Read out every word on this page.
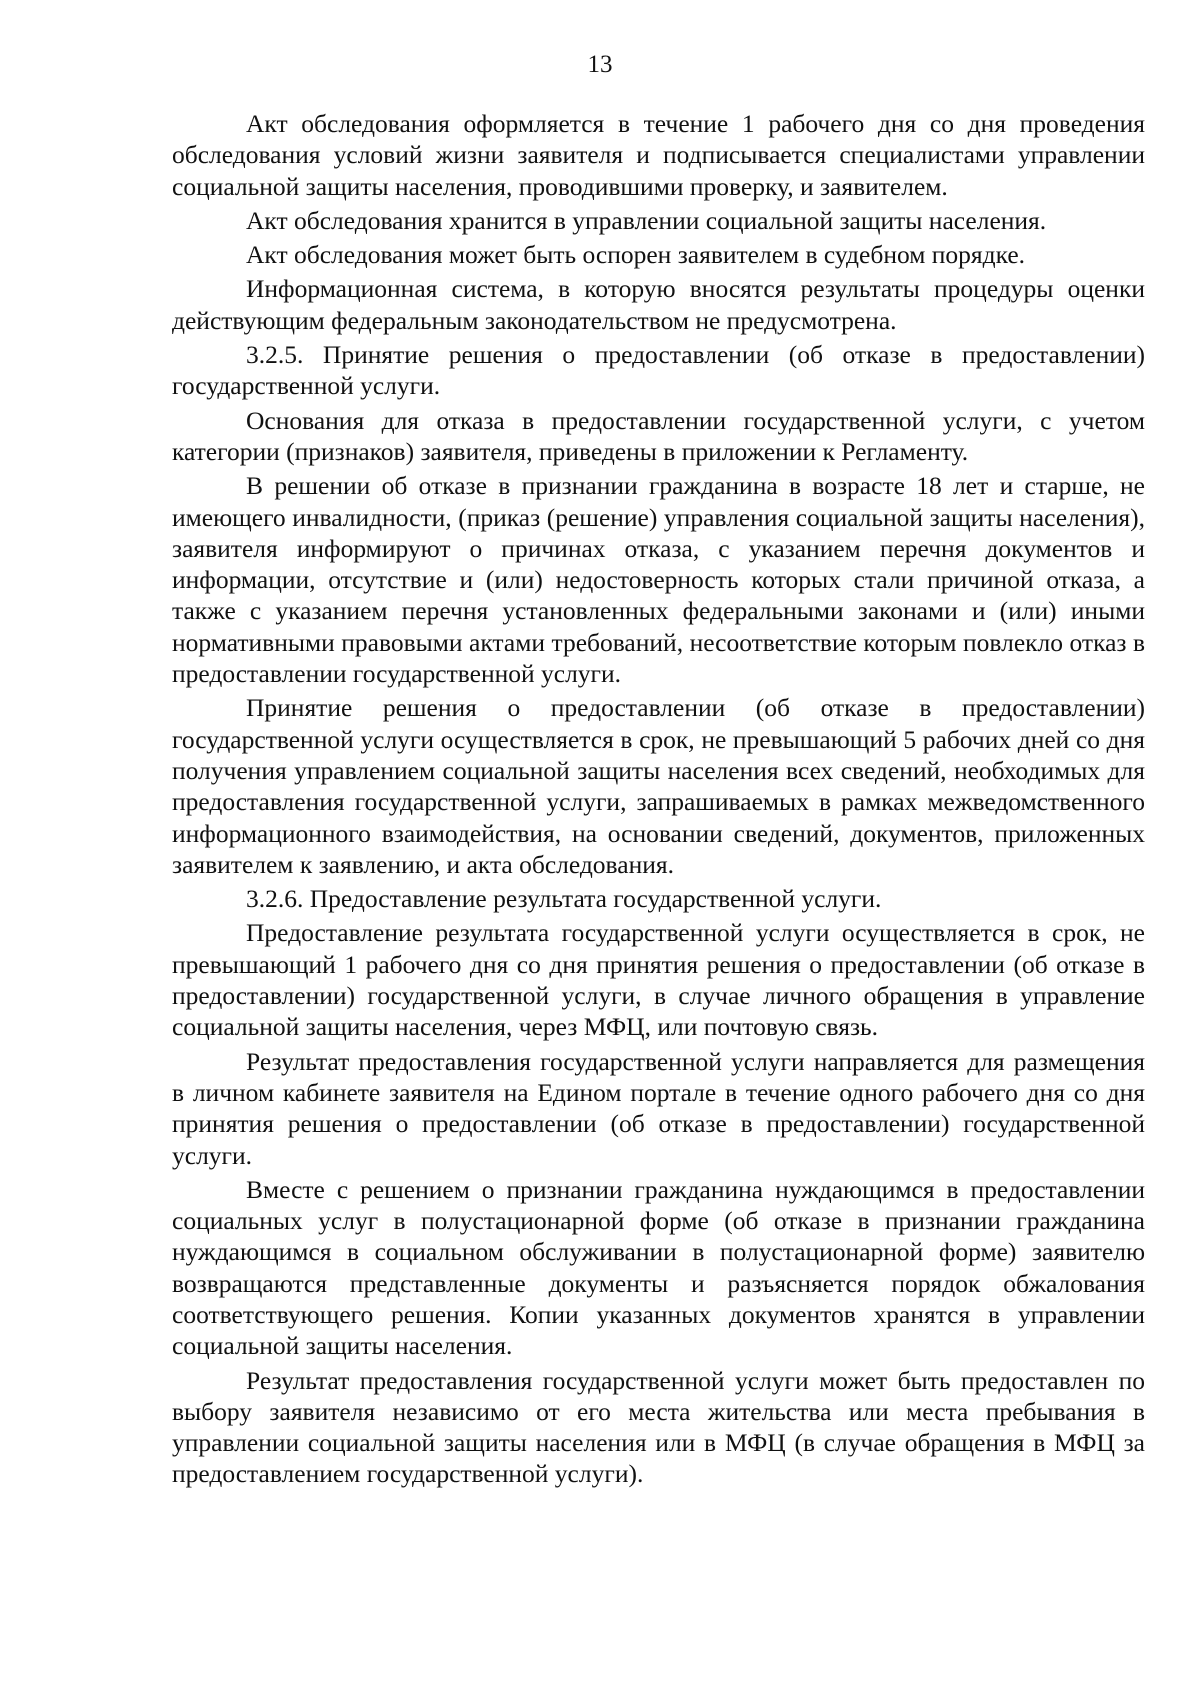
13

Акт обследования оформляется в течение 1 рабочего дня со дня проведения обследования условий жизни заявителя и подписывается специалистами управлении социальной защиты населения, проводившими проверку, и заявителем.

Акт обследования хранится в управлении социальной защиты населения.

Акт обследования может быть оспорен заявителем в судебном порядке.

Информационная система, в которую вносятся результаты процедуры оценки действующим федеральным законодательством не предусмотрена.

3.2.5. Принятие решения о предоставлении (об отказе в предоставлении) государственной услуги.

Основания для отказа в предоставлении государственной услуги, с учетом категории (признаков) заявителя, приведены в приложении к Регламенту.

В решении об отказе в признании гражданина в возрасте 18 лет и старше, не имеющего инвалидности, (приказ (решение) управления социальной защиты населения), заявителя информируют о причинах отказа, с указанием перечня документов и информации, отсутствие и (или) недостоверность которых стали причиной отказа, а также с указанием перечня установленных федеральными законами и (или) иными нормативными правовыми актами требований, несоответствие которым повлекло отказ в предоставлении государственной услуги.

Принятие решения о предоставлении (об отказе в предоставлении) государственной услуги осуществляется в срок, не превышающий 5 рабочих дней со дня получения управлением социальной защиты населения всех сведений, необходимых для предоставления государственной услуги, запрашиваемых в рамках межведомственного информационного взаимодействия, на основании сведений, документов, приложенных заявителем к заявлению, и акта обследования.

3.2.6. Предоставление результата государственной услуги.

Предоставление результата государственной услуги осуществляется в срок, не превышающий 1 рабочего дня со дня принятия решения о предоставлении (об отказе в предоставлении) государственной услуги, в случае личного обращения в управление социальной защиты населения, через МФЦ, или почтовую связь.

Результат предоставления государственной услуги направляется для размещения в личном кабинете заявителя на Едином портале в течение одного рабочего дня со дня принятия решения о предоставлении (об отказе в предоставлении) государственной услуги.

Вместе с решением о признании гражданина нуждающимся в предоставлении социальных услуг в полустационарной форме (об отказе в признании гражданина нуждающимся в социальном обслуживании в полустационарной форме) заявителю возвращаются представленные документы и разъясняется порядок обжалования соответствующего решения. Копии указанных документов хранятся в управлении социальной защиты населения.

Результат предоставления государственной услуги может быть предоставлен по выбору заявителя независимо от его места жительства или места пребывания в управлении социальной защиты населения или в МФЦ (в случае обращения в МФЦ за предоставлением государственной услуги).
